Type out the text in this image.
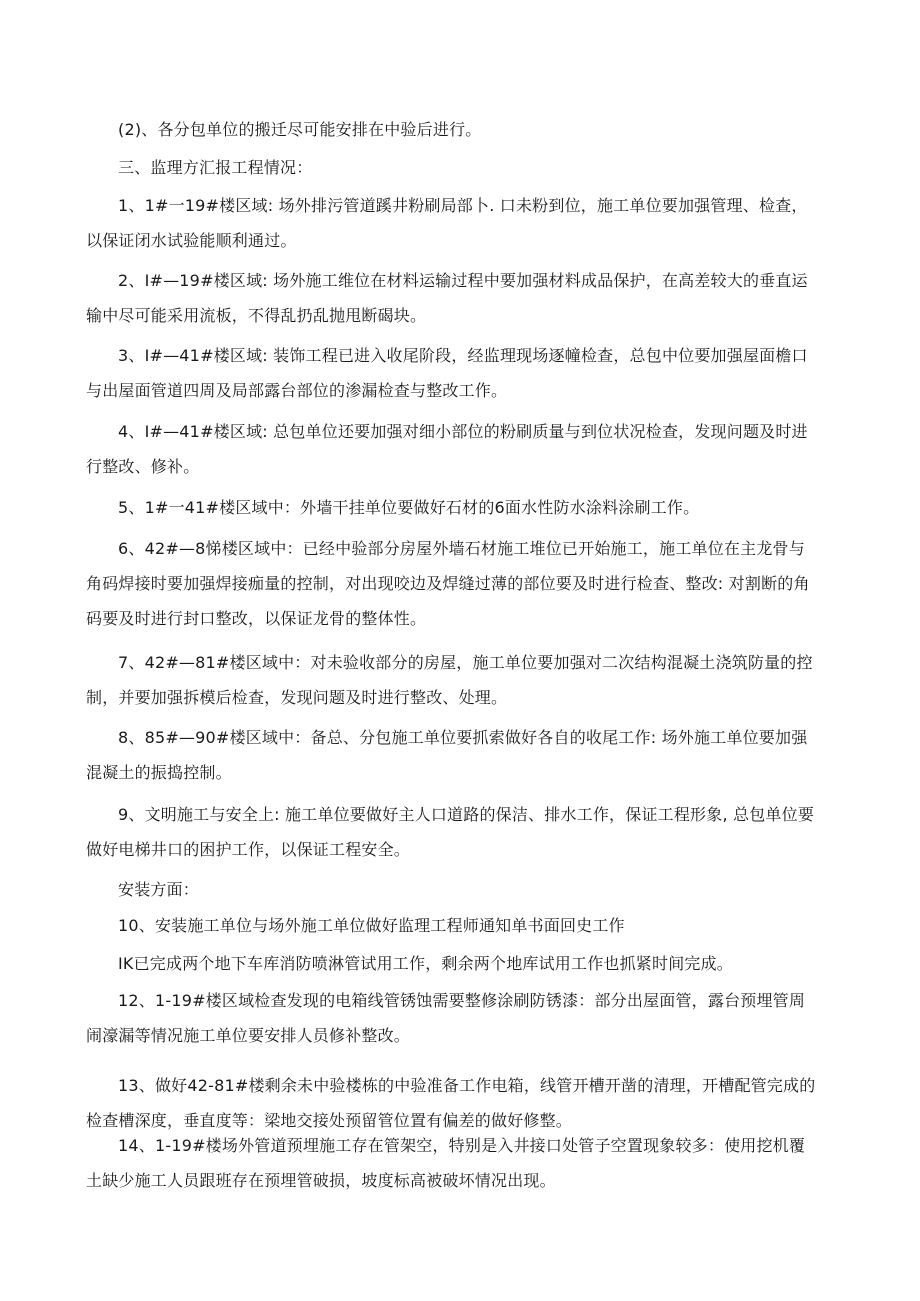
(2)、各分包单位的搬迁尽可能安排在中验后进行。

三、监理方汇报工程情况：

1、1#一19#楼区域: 场外排污管道蹊井粉刷局部卜. 口未粉到位，施工单位要加强管理、检查，以保证闭水试验能顺利通过。

2、I#—19#楼区域: 场外施工维位在材料运输过程中要加强材料成品保护，在高差较大的垂直运输中尽可能采用流板，不得乱扔乱抛甩断碣块。

3、I#—41#楼区域: 装饰工程已进入收尾阶段，经监理现场逐幢检查，总包中位要加强屋面檐口与出屋面管道四周及局部露台部位的渗漏检查与整改工作。

4、I#—41#楼区域: 总包单位还要加强对细小部位的粉刷质量与到位状况检查，发现问题及时进行整改、修补。

5、1#一41#楼区域中：外墙干挂单位要做好石材的6面水性防水涂料涂刷工作。

6、42#—8悌楼区域中：已经中验部分房屋外墙石材施工堆位已开始施工，施工单位在主龙骨与角码焊接时要加强焊接痂量的控制，对出现咬边及焊缝过薄的部位要及时进行检查、整改: 对割断的角码要及时进行封口整改，以保证龙骨的整体性。

7、42#—81#楼区域中：对未验收部分的房屋，施工单位要加强对二次结构混凝土浇筑防量的控制，并要加强拆模后检查，发现问题及时进行整改、处理。

8、85#—90#楼区域中：备总、分包施工单位要抓索做好各自的收尾工作: 场外施工单位要加强混凝土的振捣控制。

9、文明施工与安全上: 施工单位要做好主人口道路的保洁、排水工作，保证工程形象, 总包单位要做好电梯井口的困护工作，以保证工程安全。

安装方面：

10、安装施工单位与场外施工单位做好监理工程师通知单书面回史工作

IK已完成两个地下车库消防喷淋管试用工作，剩余两个地库试用工作也抓紧时间完成。

12、1-19#楼区域检查发现的电箱线管锈蚀需要整修涂刷防锈漆：部分出屋面管，露台预埋管周闹濠漏等情况施工单位要安排人员修补整改。

13、做好42-81#楼剩余未中验楼栋的中验准备工作电箱，线管开槽开凿的清理，开槽配管完成的检查槽深度，垂直度等：梁地交接处预留管位置有偏差的做好修整。

14、1-19#楼场外管道预埋施工存在管架空，特别是入井接口处管子空置现象较多：使用挖机覆土缺少施工人员跟班存在预埋管破损，坡度标高被破坏情况出现。
